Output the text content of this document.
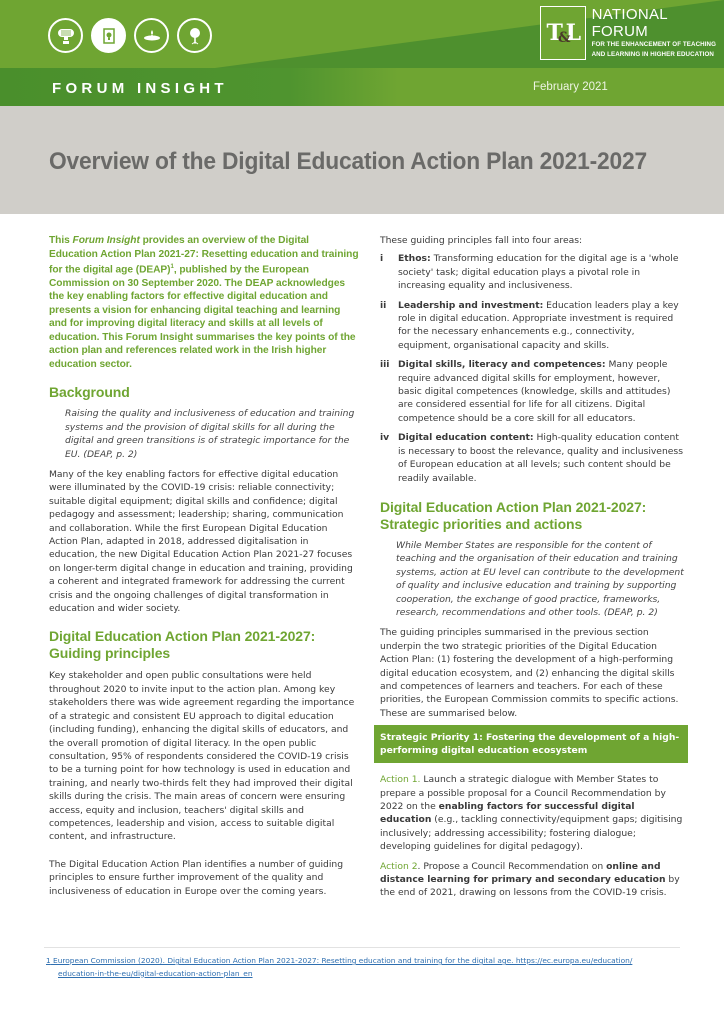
T
&
L
NATIONAL FORUM
FOR THE ENHANCEMENT OF TEACHING
AND LEARNING IN HIGHER EDUCATION
FORUM INSIGHT	February 2021
Overview of the Digital Education Action Plan 2021-2027

This Forum Insight provides an overview of the Digital Education Action Plan 2021-27: Resetting education and training for the digital age (DEAP)$^1$, published by the European Commission on 30 September 2020. The DEAP acknowledges the key enabling factors for effective digital education and presents a vision for enhancing digital teaching and learning and for improving digital literacy and skills at all levels of education. This Forum Insight summarises the key points of the action plan and references related work in the Irish higher education sector.

Background

Raising the quality and inclusiveness of education and training systems and the provision of digital skills for all during the digital and green transitions is of strategic importance for the EU. (DEAP, p. 2)

Many of the key enabling factors for effective digital education were illuminated by the COVID-19 crisis: reliable connectivity; suitable digital equipment; digital skills and confidence; digital pedagogy and assessment; leadership; sharing, communication and collaboration. While the first European Digital Education Action Plan, adapted in 2018, addressed digitalisation in education, the new Digital Education Action Plan 2021-27 focuses on longer-term digital change in education and training, providing a coherent and integrated framework for addressing the current crisis and the ongoing challenges of digital transformation in education and wider society.

Digital Education Action Plan 2021-2027:
Guiding principles

Key stakeholder and open public consultations were held throughout 2020 to invite input to the action plan. Among key stakeholders there was wide agreement regarding the importance of a strategic and consistent EU approach to digital education (including funding), enhancing the digital skills of educators, and the overall promotion of digital literacy. In the open public consultation, 95% of respondents considered the COVID-19 crisis to be a turning point for how technology is used in education and training, and nearly two-thirds felt they had improved their digital skills during the crisis. The main areas of concern were ensuring access, equity and inclusion, teachers' digital skills and competences, leadership and vision, access to suitable digital content, and infrastructure.

The Digital Education Action Plan identifies a number of guiding principles to ensure further improvement of the quality and inclusiveness of education in Europe over the coming years.

These guiding principles fall into four areas:

i	Ethos: Transforming education for the digital age is a 'whole society' task; digital education plays a pivotal role in increasing equality and inclusiveness.

ii	Leadership and investment: Education leaders play a key role in digital education. Appropriate investment is required for the necessary enhancements e.g., connectivity, equipment, organisational capacity and skills.

iii Digital skills, literacy and competences: Many people require advanced digital skills for employment, however, basic digital competences (knowledge, skills and attitudes) are considered essential for life for all citizens. Digital competence should be a core skill for all educators.

iv Digital education content: High-quality education content is necessary to boost the relevance, quality and inclusiveness of European education at all levels; such content should be readily available.

Digital Education Action Plan 2021-2027:
Strategic priorities and actions

While Member States are responsible for the content of teaching and the organisation of their education and training systems, action at EU level can contribute to the development of quality and inclusive education and training by supporting cooperation, the exchange of good practice, frameworks, research, recommendations and other tools. (DEAP, p. 2)

The guiding principles summarised in the previous section underpin the two strategic priorities of the Digital Education Action Plan: (1) fostering the development of a high-performing digital education ecosystem, and (2) enhancing the digital skills and competences of learners and teachers. For each of these priorities, the European Commission commits to specific actions. These are summarised below.

Strategic Priority 1: Fostering the development of a high-performing digital education ecosystem

Action 1. Launch a strategic dialogue with Member States to prepare a possible proposal for a Council Recommendation by 2022 on the enabling factors for successful digital education (e.g., tackling connectivity/equipment gaps; digitising inclusively; addressing accessibility; fostering dialogue; developing guidelines for digital pedagogy).

Action 2. Propose a Council Recommendation on online and distance learning for primary and secondary education by the end of 2021, drawing on lessons from the COVID-19 crisis.

1 European Commission (2020). Digital Education Action Plan 2021-2027: Resetting education and training for the digital age. https://ec.europa.eu/education/
education-in-the-eu/digital-education-action-plan_en
